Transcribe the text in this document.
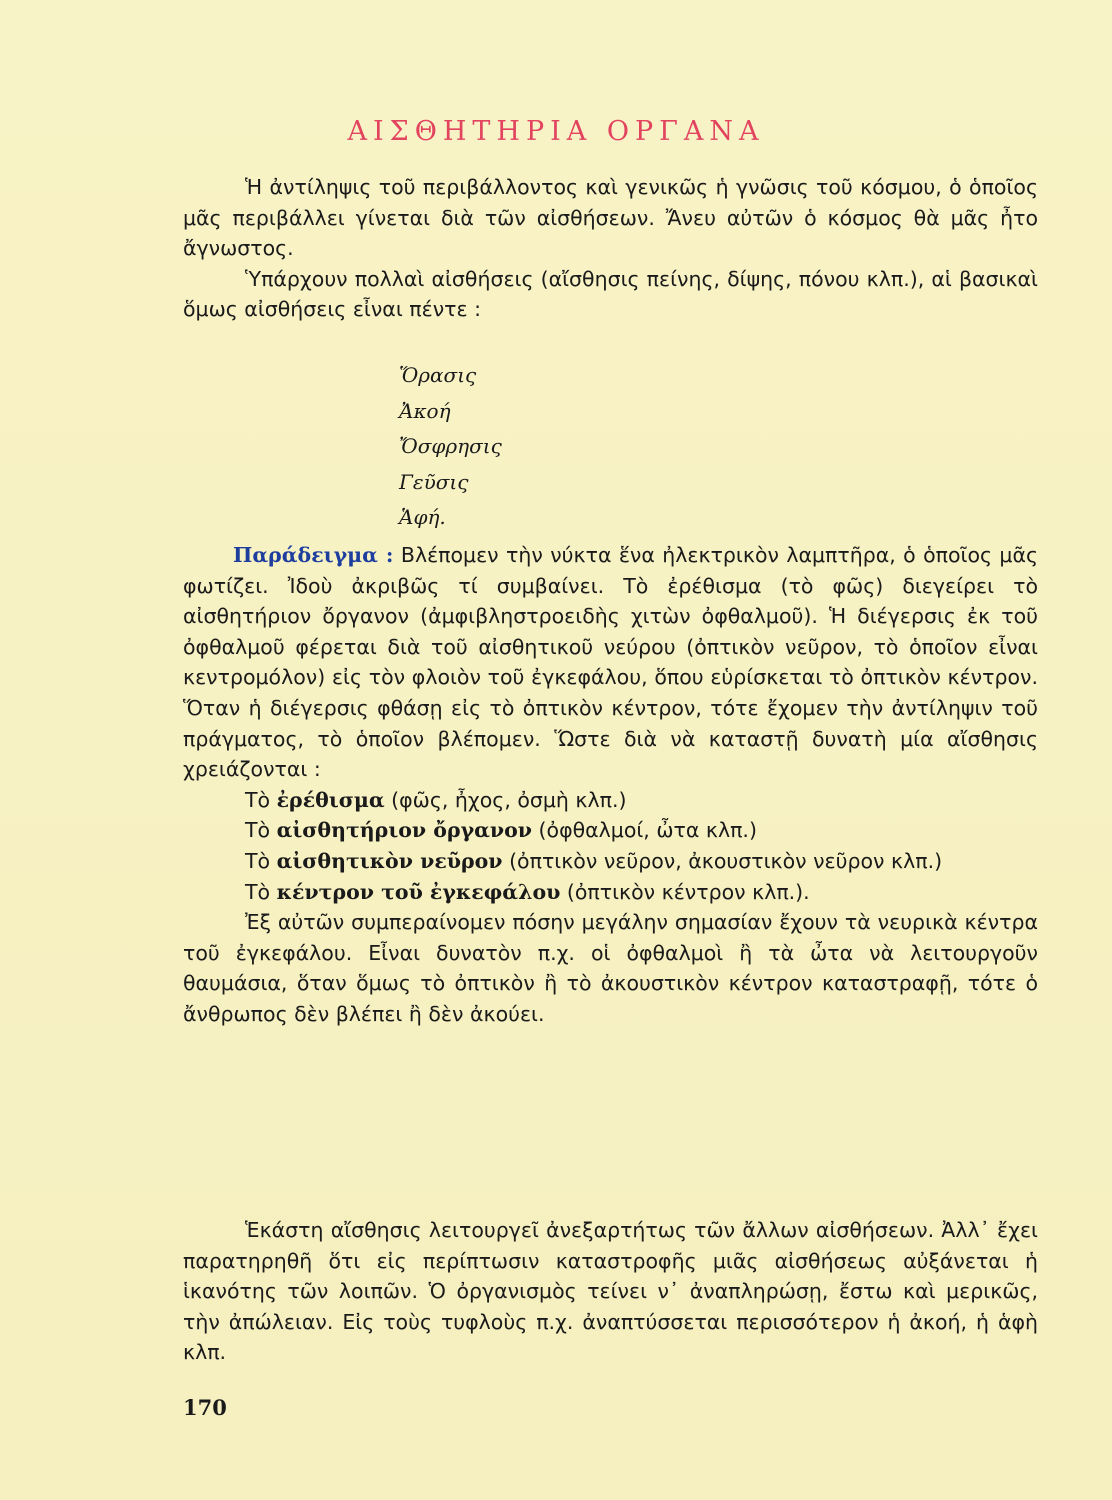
ΑΙΣΘΗΤΗΡΙΑ ΟΡΓΑΝΑ

Ἡ ἀντίληψις τοῦ περιβάλλοντος καὶ γενικῶς ἡ γνῶσις τοῦ κόσμου, ὁ ὁποῖος μᾶς περιβάλλει γίνεται διὰ τῶν αἰσθήσεων. Ἄνευ αὐτῶν ὁ κόσμος θὰ μᾶς ἦτο ἄγνωστος.

Ὑπάρχουν πολλαὶ αἰσθήσεις (αἴσθησις πείνης, δίψης, πόνου κλπ.), αἱ βασικαὶ ὅμως αἰσθήσεις εἶναι πέντε :

Ὅρασις
Ἀκοή
Ὄσφρησις
Γεῦσις
Ἁφή.

Παράδειγμα : Βλέπομεν τὴν νύκτα ἕνα ἠλεκτρικὸν λαμπτῆρα, ὁ ὁποῖος μᾶς φωτίζει. Ἰδοὺ ἀκριβῶς τί συμβαίνει. Τὸ ἐρέθισμα (τὸ φῶς) διεγείρει τὸ αἰσθητήριον ὄργανον (ἀμφιβληστροειδὴς χιτὼν ὀφθαλμοῦ). Ἡ διέγερσις ἐκ τοῦ ὀφθαλμοῦ φέρεται διὰ τοῦ αἰσθητικοῦ νεύρου (ὀπτικὸν νεῦρον, τὸ ὁποῖον εἶναι κεντρομόλον) εἰς τὸν φλοιὸν τοῦ ἐγκεφάλου, ὅπου εὑρίσκεται τὸ ὀπτικὸν κέντρον. Ὅταν ἡ διέγερσις φθάσῃ εἰς τὸ ὀπτικὸν κέντρον, τότε ἔχομεν τὴν ἀντίληψιν τοῦ πράγματος, τὸ ὁποῖον βλέπομεν. Ὥστε διὰ νὰ καταστῇ δυνατὴ μία αἴσθησις χρειάζονται :

Τὸ ἐρέθισμα (φῶς, ἦχος, ὀσμὴ κλπ.)

Τὸ αἰσθητήριον ὄργανον (ὀφθαλμοί, ὦτα κλπ.)

Τὸ αἰσθητικὸν νεῦρον (ὀπτικὸν νεῦρον, ἀκουστικὸν νεῦρον κλπ.)

Τὸ κέντρον τοῦ ἐγκεφάλου (ὀπτικὸν κέντρον κλπ.).

Ἐξ αὐτῶν συμπεραίνομεν πόσην μεγάλην σημασίαν ἔχουν τὰ νευρικὰ κέντρα τοῦ ἐγκεφάλου. Εἶναι δυνατὸν π.χ. οἱ ὀφθαλμοὶ ἢ τὰ ὦτα νὰ λειτουργοῦν θαυμάσια, ὅταν ὅμως τὸ ὀπτικὸν ἢ τὸ ἀκουστικὸν κέντρον καταστραφῇ, τότε ὁ ἄνθρωπος δὲν βλέπει ἢ δὲν ἀκούει.

Ἑκάστη αἴσθησις λειτουργεῖ ἀνεξαρτήτως τῶν ἄλλων αἰσθήσεων. Ἀλλ᾽ ἔχει παρατηρηθῆ ὅτι εἰς περίπτωσιν καταστροφῆς μιᾶς αἰσθήσεως αὐξάνεται ἡ ἱκανότης τῶν λοιπῶν. Ὁ ὀργανισμὸς τείνει ν᾽ ἀναπληρώσῃ, ἔστω καὶ μερικῶς, τὴν ἀπώλειαν. Εἰς τοὺς τυφλοὺς π.χ. ἀναπτύσσεται περισσότερον ἡ ἀκοή, ἡ ἁφὴ κλπ.

170
